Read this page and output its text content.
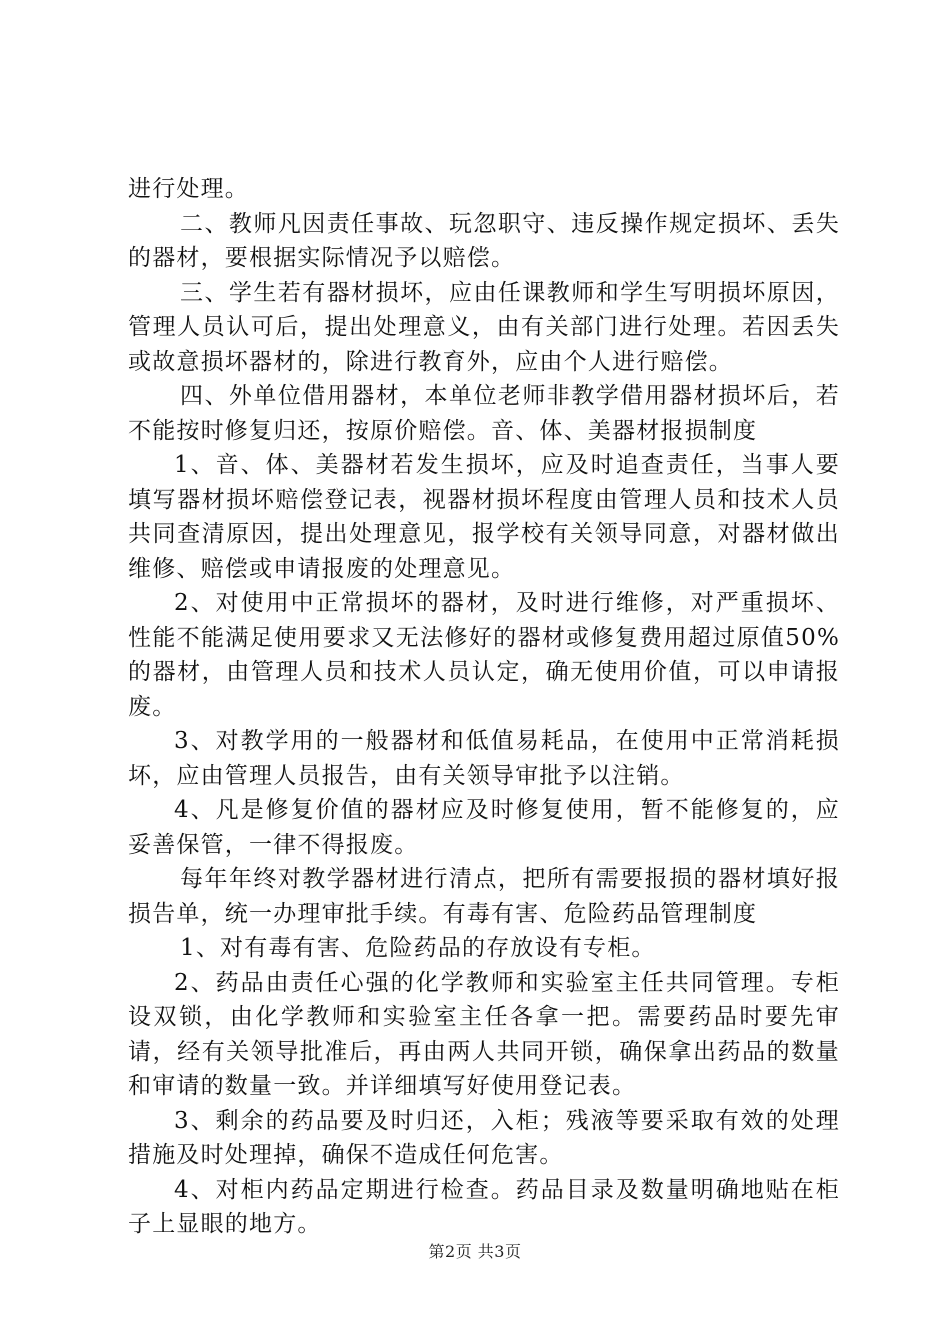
进行处理。

二、教师凡因责任事故、玩忽职守、违反操作规定损坏、丢失的器材，要根据实际情况予以赔偿。

三、学生若有器材损坏，应由任课教师和学生写明损坏原因，管理人员认可后，提出处理意义，由有关部门进行处理。若因丢失或故意损坏器材的，除进行教育外，应由个人进行赔偿。

四、外单位借用器材，本单位老师非教学借用器材损坏后，若不能按时修复归还，按原价赔偿。音、体、美器材报损制度

1、音、体、美器材若发生损坏，应及时追查责任，当事人要填写器材损坏赔偿登记表，视器材损坏程度由管理人员和技术人员共同查清原因，提出处理意见，报学校有关领导同意，对器材做出维修、赔偿或申请报废的处理意见。

2、对使用中正常损坏的器材，及时进行维修，对严重损坏、性能不能满足使用要求又无法修好的器材或修复费用超过原值50%的器材，由管理人员和技术人员认定，确无使用价值，可以申请报废。

3、对教学用的一般器材和低值易耗品，在使用中正常消耗损坏，应由管理人员报告，由有关领导审批予以注销。

4、凡是修复价值的器材应及时修复使用，暂不能修复的，应妥善保管，一律不得报废。

每年年终对教学器材进行清点，把所有需要报损的器材填好报损告单，统一办理审批手续。有毒有害、危险药品管理制度

1、对有毒有害、危险药品的存放设有专柜。

2、药品由责任心强的化学教师和实验室主任共同管理。专柜设双锁，由化学教师和实验室主任各拿一把。需要药品时要先审请，经有关领导批准后，再由两人共同开锁，确保拿出药品的数量和审请的数量一致。并详细填写好使用登记表。

3、剩余的药品要及时归还，入柜；残液等要采取有效的处理措施及时处理掉，确保不造成任何危害。

4、对柜内药品定期进行检查。药品目录及数量明确地贴在柜子上显眼的地方。

第2页 共3页
